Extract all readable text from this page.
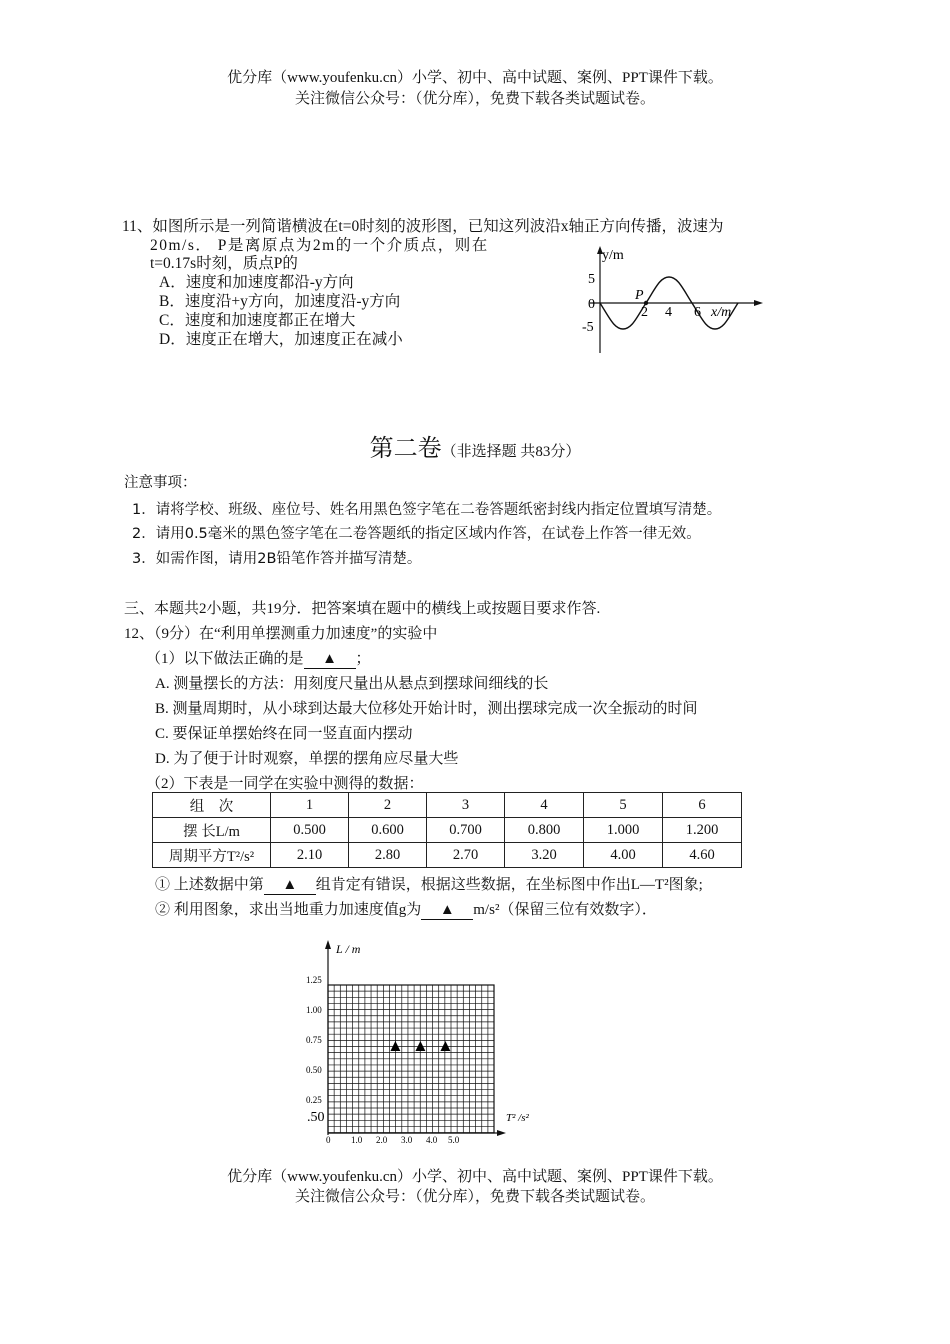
优分库（www.youfenku.cn）小学、初中、高中试题、案例、PPT课件下载。
关注微信公众号：（优分库），免费下载各类试题试卷。
11、如图所示是一列简谐横波在t=0时刻的波形图，已知这列波沿x轴正方向传播，波速为
20m/s． P是离原点为2m的一个介质点，则在
t=0.17s时刻，质点P的
A．速度和加速度都沿-y方向
B．速度沿+y方向，加速度沿-y方向
C．速度和加速度都正在增大
D．速度正在增大，加速度正在减小
y/m
5
0
-5
P
2 4 6 x/m
第二卷（非选择题 共83分）
注意事项：
1．请将学校、班级、座位号、姓名用黑色签字笔在二卷答题纸密封线内指定位置填写清楚。
2．请用0.5毫米的黑色签字笔在二卷答题纸的指定区域内作答，在试卷上作答一律无效。
3．如需作图，请用2B铅笔作答并描写清楚。
三、本题共2小题，共19分．把答案填在题中的横线上或按题目要求作答.
12、（9分）在“利用单摆测重力加速度”的实验中
（1）以下做法正确的是 ▲ ；
A. 测量摆长的方法：用刻度尺量出从悬点到摆球间细线的长
B. 测量周期时，从小球到达最大位移处开始计时，测出摆球完成一次全振动的时间
C. 要保证单摆始终在同一竖直面内摆动
D. 为了便于计时观察，单摆的摆角应尽量大些
（2）下表是一同学在实验中测得的数据：
组　次	1	2	3	4	5	6
摆 长L/m	0.500	0.600	0.700	0.800	1.000	1.200
周期平方T²/s²	2.10	2.80	2.70	3.20	4.00	4.60
① 上述数据中第 ▲ 组肯定有错误，根据这些数据，在坐标图中作出L—T²图象;
② 利用图象，求出当地重力加速度值g为 ▲ m/s²（保留三位有效数字）．
L / m
T² /s²
1.25
1.00
0.75
0.50
0.25
.50
0 1.0 2.0 3.0 4.0 5.0
▲ ▲ ▲
优分库（www.youfenku.cn）小学、初中、高中试题、案例、PPT课件下载。
关注微信公众号：（优分库），免费下载各类试题试卷。
